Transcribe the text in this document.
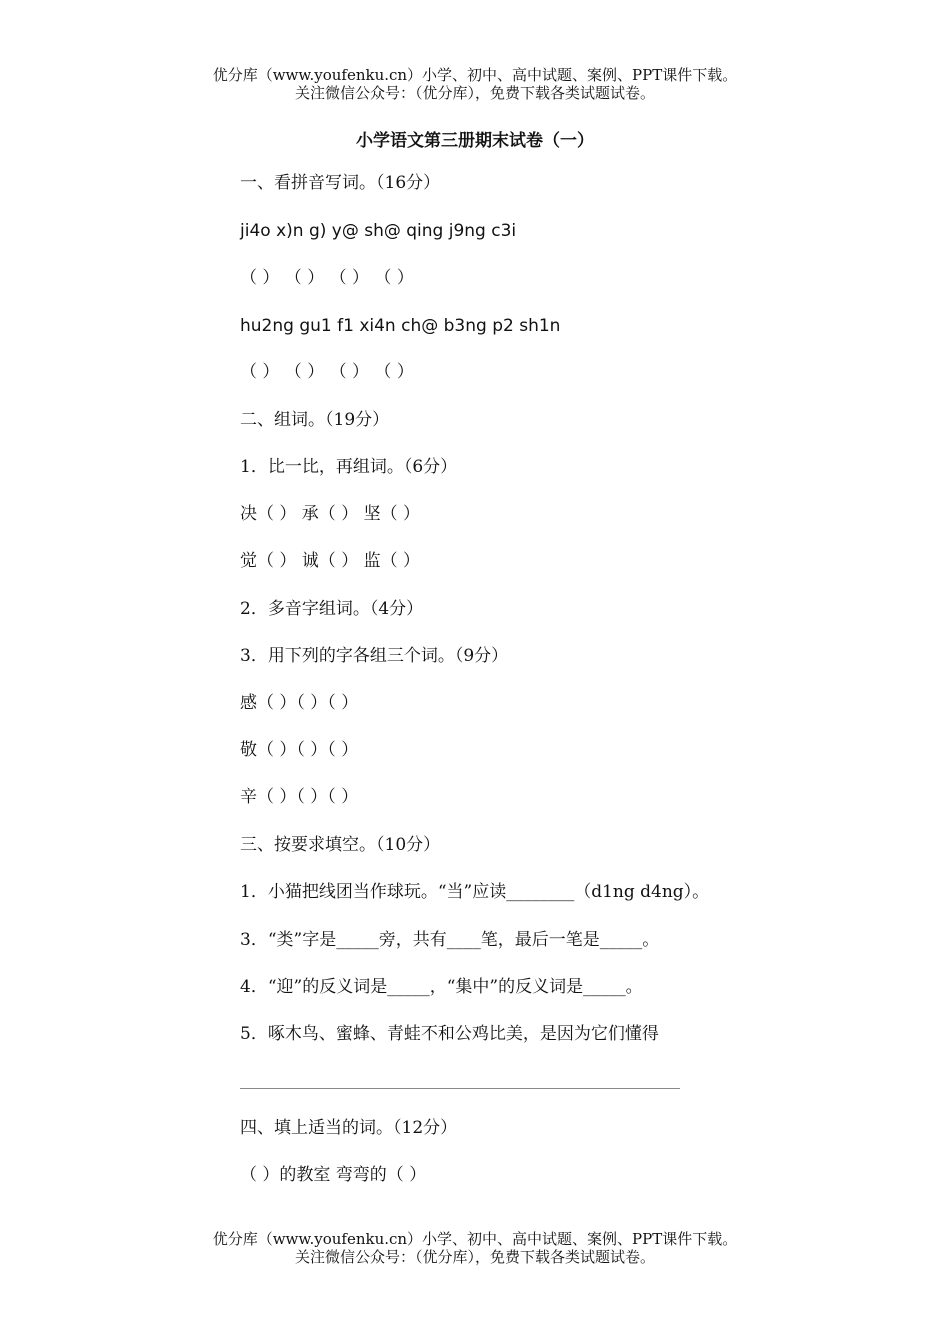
优分库（www.youfenku.cn）小学、初中、高中试题、案例、PPT课件下载。
关注微信公众号：（优分库），免费下载各类试题试卷。
小学语文第三册期末试卷（一）
一、看拼音写词。（16分）
ji4o x)n g) y@ sh@ qing j9ng c3i
（ ） （ ） （ ） （ ）
hu2ng gu1 f1 xi4n ch@ b3ng p2 sh1n
（ ） （ ） （ ） （ ）
二、组词。（19分）
1．比一比，再组词。（6分）
决（ ） 承（ ） 坚（ ）
觉（ ） 诚（ ） 监（ ）
2．多音字组词。（4分）
3．用下列的字各组三个词。（9分）
感（ ）（ ）（ ）
敬（ ）（ ）（ ）
辛（ ）（ ）（ ）
三、按要求填空。（10分）
1．小猫把线团当作球玩。“当”应读________（d1ng d4ng）。
3．“类”字是_____旁，共有____笔，最后一笔是_____。
4．“迎”的反义词是_____，“集中”的反义词是_____。
5．啄木鸟、蜜蜂、青蛙不和公鸡比美，是因为它们懂得
四、填上适当的词。（12分）
（ ）的教室 弯弯的（ ）
优分库（www.youfenku.cn）小学、初中、高中试题、案例、PPT课件下载。
关注微信公众号：（优分库），免费下载各类试题试卷。
